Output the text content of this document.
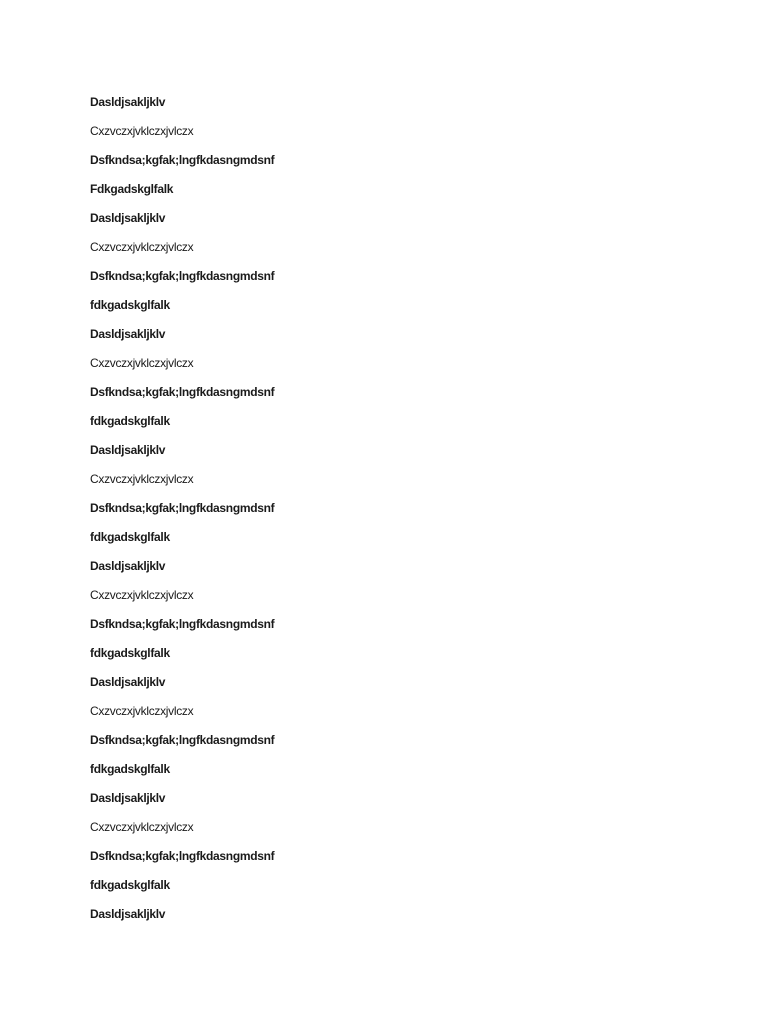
Dasldjsakljklv
Cxzvczxjvklczxjvlczx
Dsfkndsa;kgfak;lngfkdasngmdsnf
Fdkgadskglfalk
Dasldjsakljklv
Cxzvczxjvklczxjvlczx
Dsfkndsa;kgfak;lngfkdasngmdsnf
fdkgadskglfalk
Dasldjsakljklv
Cxzvczxjvklczxjvlczx
Dsfkndsa;kgfak;lngfkdasngmdsnf
fdkgadskglfalk
Dasldjsakljklv
Cxzvczxjvklczxjvlczx
Dsfkndsa;kgfak;lngfkdasngmdsnf
fdkgadskglfalk
Dasldjsakljklv
Cxzvczxjvklczxjvlczx
Dsfkndsa;kgfak;lngfkdasngmdsnf
fdkgadskglfalk
Dasldjsakljklv
Cxzvczxjvklczxjvlczx
Dsfkndsa;kgfak;lngfkdasngmdsnf
fdkgadskglfalk
Dasldjsakljklv
Cxzvczxjvklczxjvlczx
Dsfkndsa;kgfak;lngfkdasngmdsnf
fdkgadskglfalk
Dasldjsakljklv
